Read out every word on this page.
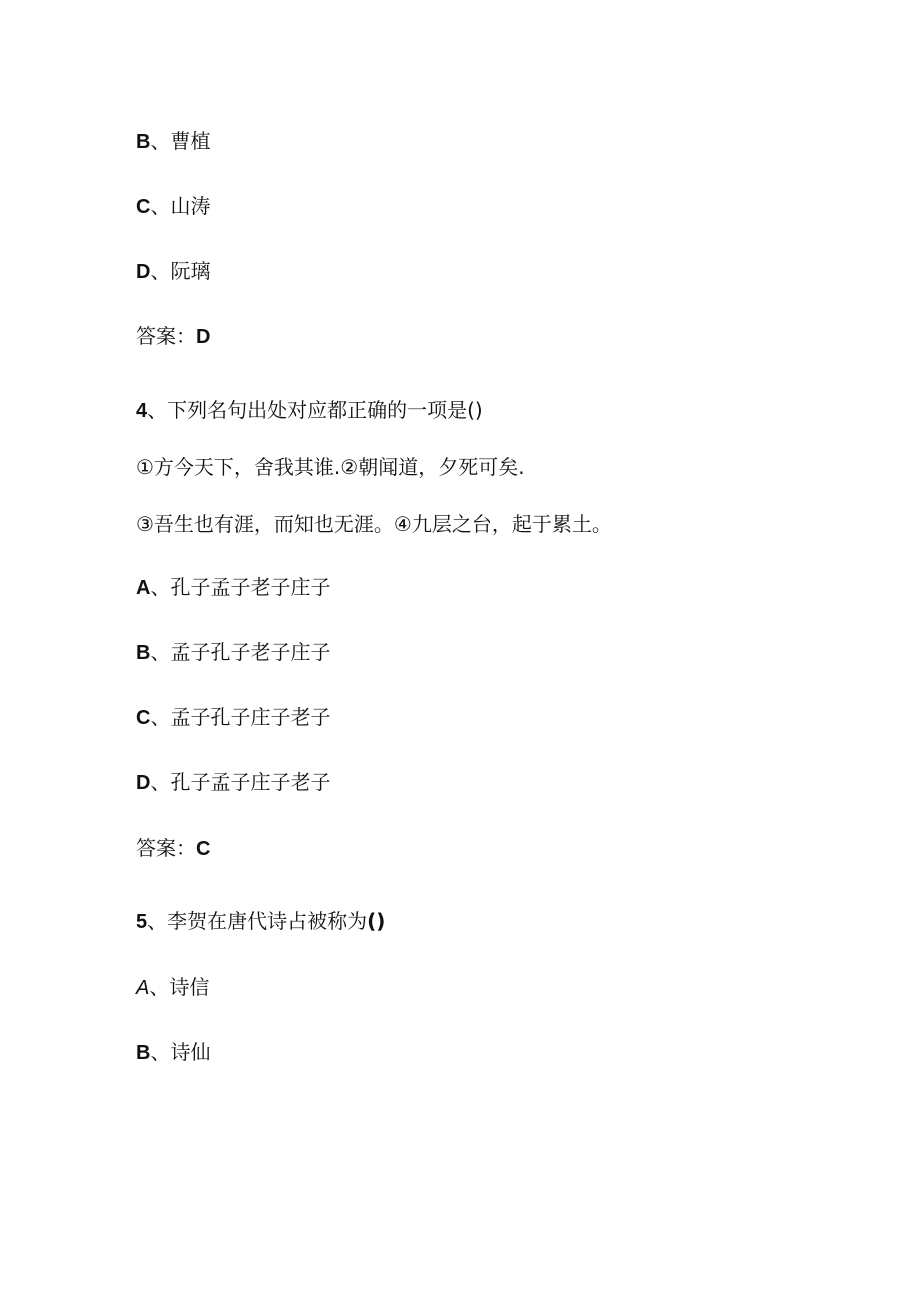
B、曹植

C、山涛

D、阮璃

答案：D

4、下列名句出处对应都正确的一项是()

①方今天下，舍我其谁.②朝闻道，夕死可矣.

③吾生也有涯，而知也无涯。④九层之台，起于累土。

A、孔子孟子老子庄子

B、孟子孔子老子庄子

C、孟子孔子庄子老子

D、孔子孟子庄子老子

答案：C

5、李贺在唐代诗占被称为()

A、诗信

B、诗仙
